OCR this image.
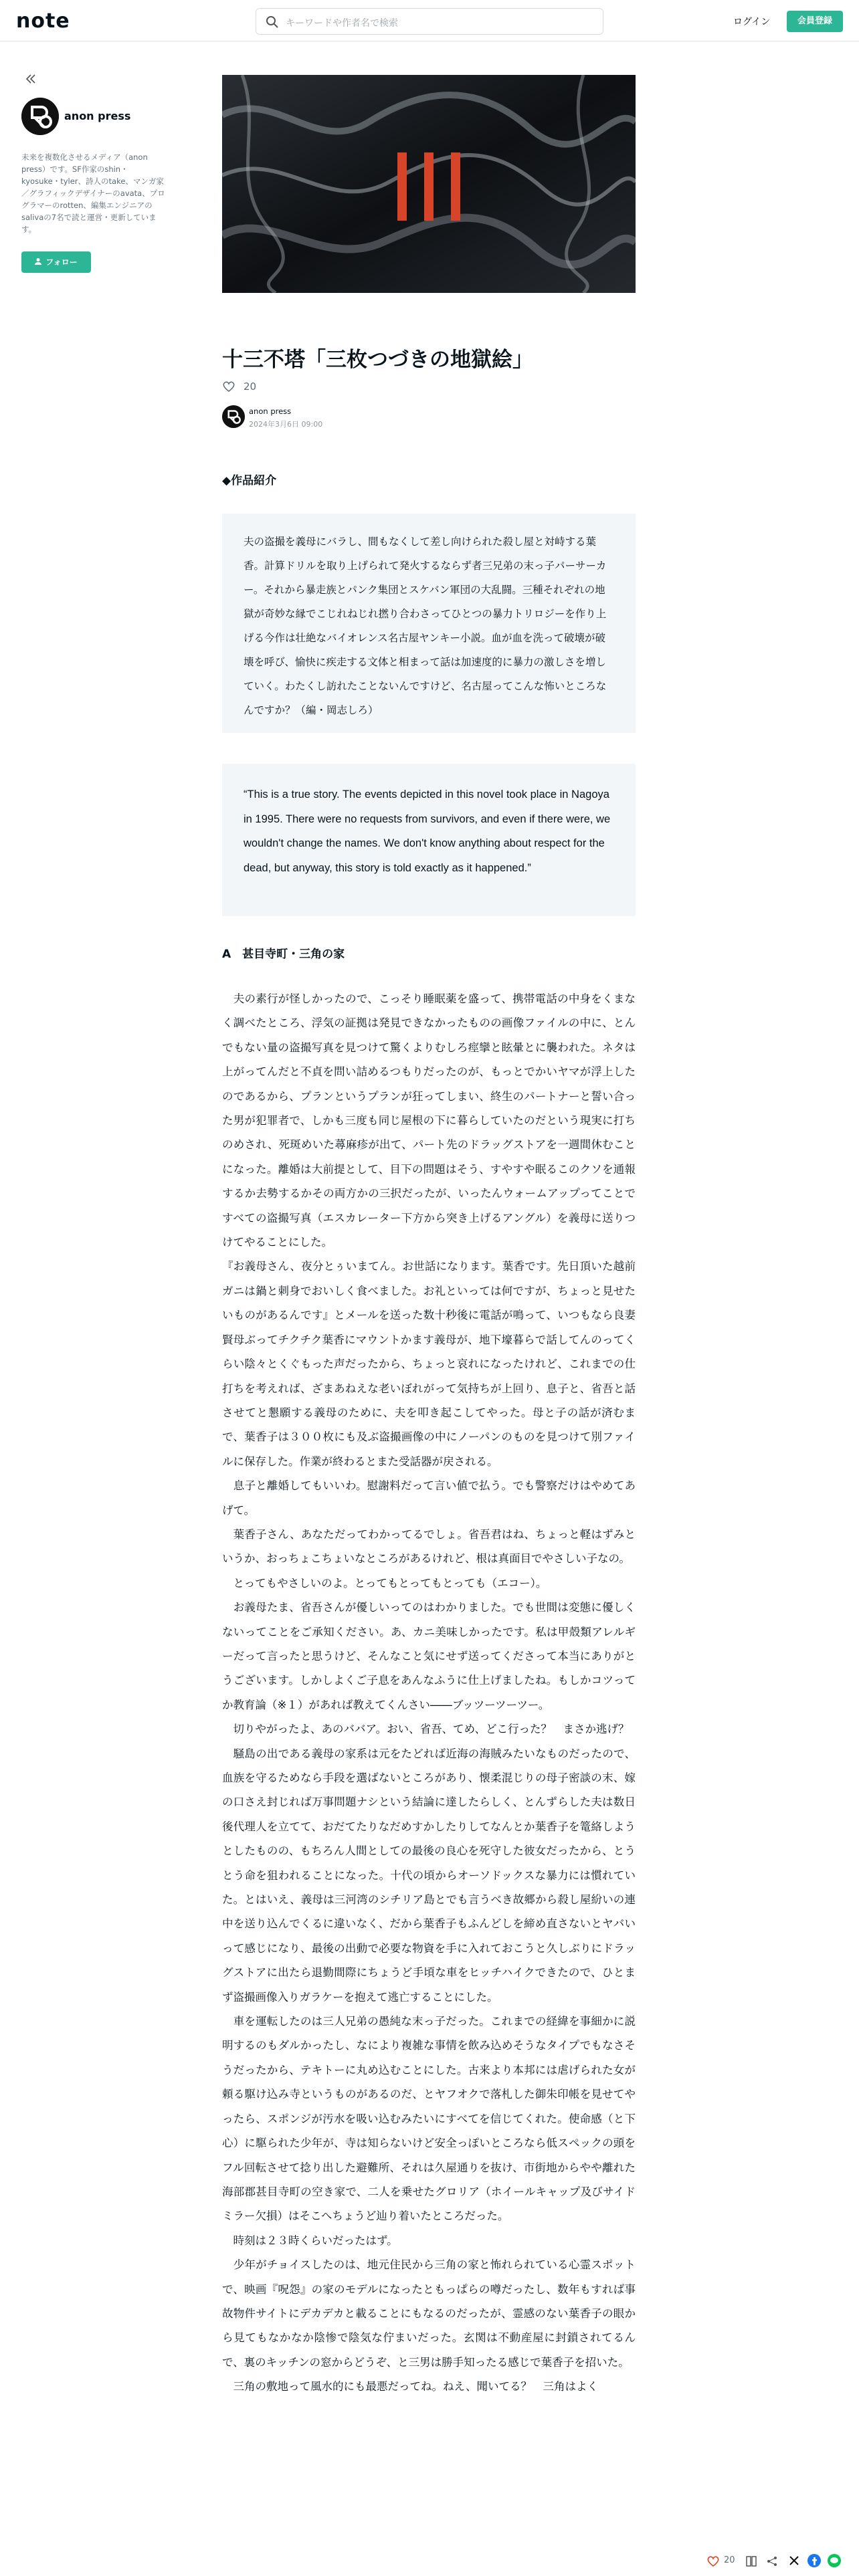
note	キーワードや作者名で検索	ログイン	会員登録
anon press
未来を複数化させるメディア（anon press）です。SF作家のshin・kyosuke・tyler、詩人のtake、マンガ家／グラフィックデザイナーのavata、プログラマーのrotten、編集エンジニアのsalivaの7名で読と運営・更新しています。
フォロー
十三不塔「三枚つづきの地獄絵」
20
anon press
2024年3月6日 09:00
◆作品紹介

夫の盗撮を義母にバラし、間もなくして差し向けられた殺し屋と対峙する葉香。計算ドリルを取り上げられて発火するならず者三兄弟の末っ子パーサーカー。それから暴走族とパンク集団とスケバン軍団の大乱闘。三種それぞれの地獄が奇妙な縁でこじれねじれ撚り合わさってひとつの暴力トリロジーを作り上げる今作は壮絶なバイオレンス名古屋ヤンキー小説。血が血を洗って破壊が破壊を呼び、愉快に疾走する文体と相まって話は加速度的に暴力の激しさを増していく。わたくし訪れたことないんですけど、名古屋ってこんな怖いところなんですか？（編・岡志しろ）

“This is a true story. The events depicted in this novel took place in Nagoya in 1995. There were no requests from survivors, and even if there were, we wouldn't change the names. We don't know anything about respect for the dead, but anyway, this story is told exactly as it happened.”

A　甚目寺町・三角の家

　夫の素行が怪しかったので、こっそり睡眠薬を盛って、携帯電話の中身をくまなく調べたところ、浮気の証拠は発見できなかったものの画像ファイルの中に、とんでもない量の盗撮写真を見つけて驚くよりむしろ痙攣と眩暈とに襲われた。ネタは上がってんだと不貞を問い詰めるつもりだったのが、もっとでかいヤマが浮上したのであるから、プランというプランが狂ってしまい、終生のパートナーと誓い合った男が犯罪者で、しかも三度も同じ屋根の下に暮らしていたのだという現実に打ちのめされ、死斑めいた蕁麻疹が出て、パート先のドラッグストアを一週間休むことになった。離婚は大前提として、目下の問題はそう、すやすや眠るこのクソを通報するか去勢するかその両方かの三択だったが、いったんウォームアップってことですべての盗撮写真（エスカレーター下方から突き上げるアングル）を義母に送りつけてやることにした。

『お義母さん、夜分とぅいまてん。お世話になります。葉香です。先日頂いた越前ガニは鍋と刺身でおいしく食べました。お礼といっては何ですが、ちょっと見せたいものがあるんです』とメールを送った数十秒後に電話が鳴って、いつもなら良妻賢母ぶってチクチク葉香にマウントかます義母が、地下壕暮らで話してんのってくらい陰々とくぐもった声だったから、ちょっと哀れになったけれど、これまでの仕打ちを考えれば、ざまあねえな老いぼれがって気持ちが上回り、息子と、省吾と話させてと懇願する義母のために、夫を叩き起こしてやった。母と子の話が済むまで、葉香子は３００枚にも及ぶ盗撮画像の中にノーパンのものを見つけて別ファイルに保存した。作業が終わるとまた受話器が戻される。

　息子と離婚してもいいわ。慰謝料だって言い値で払う。でも警察だけはやめてあげて。

　葉香子さん、あなただってわかってるでしょ。省吾君はね、ちょっと軽はずみというか、おっちょこちょいなところがあるけれど、根は真面目でやさしい子なの。

　とってもやさしいのよ。とってもとってもとっても（エコー）。

　お義母たま、省吾さんが優しいってのはわかりました。でも世間は変態に優しくないってことをご承知ください。あ、カニ美味しかったです。私は甲殻類アレルギーだって言ったと思うけど、そんなこと気にせず送ってくださって本当にありがとうございます。しかしよくご子息をあんなふうに仕上げましたね。もしかコツってか教育論（※１）があれば教えてくんさい――ブッツーツーツー。

　切りやがったよ、あのババア。おい、省吾、てめ、どこ行った？　まさか逃げ？

　騒島の出である義母の家系は元をたどれば近海の海賊みたいなものだったので、血族を守るためなら手段を選ばないところがあり、懐柔混じりの母子密談の末、嫁の口さえ封じれば万事問題ナシという結論に達したらしく、とんずらした夫は数日後代理人を立てて、おだてたりなだめすかしたりしてなんとか葉香子を篭絡しようとしたものの、もちろん人間としての最後の良心を死守した彼女だったから、とうとう命を狙われることになった。十代の頃からオーソドックスな暴力には慣れていた。とはいえ、義母は三河湾のシチリア島とでも言うべき故郷から殺し屋紛いの連中を送り込んでくるに違いなく、だから葉香子もふんどしを締め直さないとヤバいって感じになり、最後の出動で必要な物資を手に入れておこうと久しぶりにドラッグストアに出たら退勤間際にちょうど手頃な車をヒッチハイクできたので、ひとまず盗撮画像入りガラケーを抱えて逃亡することにした。

　車を運転したのは三人兄弟の愚純な末っ子だった。これまでの経緯を事細かに説明するのもダルかったし、なにより複雑な事情を飲み込めそうなタイプでもなさそうだったから、テキトーに丸め込むことにした。古来より本邦には虐げられた女が頼る駆け込み寺というものがあるのだ、とヤフオクで落札した御朱印帳を見せてやったら、スポンジが汚水を吸い込むみたいにすべてを信じてくれた。使命感（と下心）に駆られた少年が、寺は知らないけど安全っぽいところなら低スペックの頭をフル回転させて捻り出した避難所、それは久屋通りを抜け、市街地からやや離れた海部郡甚目寺町の空き家で、二人を乗せたグロリア（ホイールキャップ及びサイドミラー欠損）はそこへちょうど辿り着いたところだった。

　時刻は２３時くらいだったはず。

　少年がチョイスしたのは、地元住民から三角の家と怖れられている心霊スポットで、映画『呪怨』の家のモデルになったともっぱらの噂だったし、数年もすれば事故物件サイトにデカデカと載ることにもなるのだったが、霊感のない葉香子の眼から見てもなかなか陰惨で陰気な佇まいだった。玄関は不動産屋に封鎖されてるんで、裏のキッチンの窓からどうぞ、と三男は勝手知ったる感じで葉香子を招いた。

　三角の敷地って風水的にも最悪だってね。ねえ、聞いてる？　三角はよく

20
